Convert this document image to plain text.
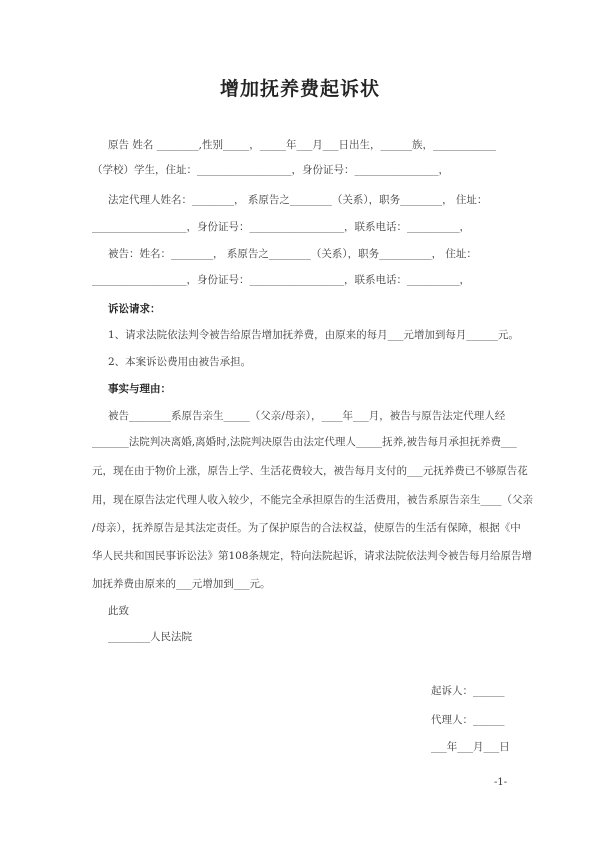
增加抚养费起诉状
原告 姓名 ________,性别_____，_____年___月___日出生，______族，____________
（学校）学生，住址：__________________，身份证号：________________，
法定代理人姓名：________， 系原告之________（关系），职务________， 住址：
__________________，身份证号：__________________，联系电话：__________，
被告：姓名：________， 系原告之________（关系），职务__________， 住址：
__________________，身份证号：__________________，联系电话：__________，
诉讼请求：
1、请求法院依法判令被告给原告增加抚养费，由原来的每月___元增加到每月______元。
2、本案诉讼费用由被告承担。
事实与理由：
被告________系原告亲生_____（父亲/母亲），____年___月，被告与原告法定代理人经
_______法院判决离婚,离婚时,法院判决原告由法定代理人_____抚养,被告每月承担抚养费___
元，现在由于物价上涨，原告上学、生活花费较大，被告每月支付的___元抚养费已不够原告花
用，现在原告法定代理人收入较少，不能完全承担原告的生活费用，被告系原告亲生____（父亲
/母亲），抚养原告是其法定责任。为了保护原告的合法权益，使原告的生活有保障，根据《中
华人民共和国民事诉讼法》第108条规定，特向法院起诉，请求法院依法判令被告每月给原告增
加抚养费由原来的___元增加到___元。
此致
________人民法院
起诉人：______
代理人：______
___年___月___日
-1-
